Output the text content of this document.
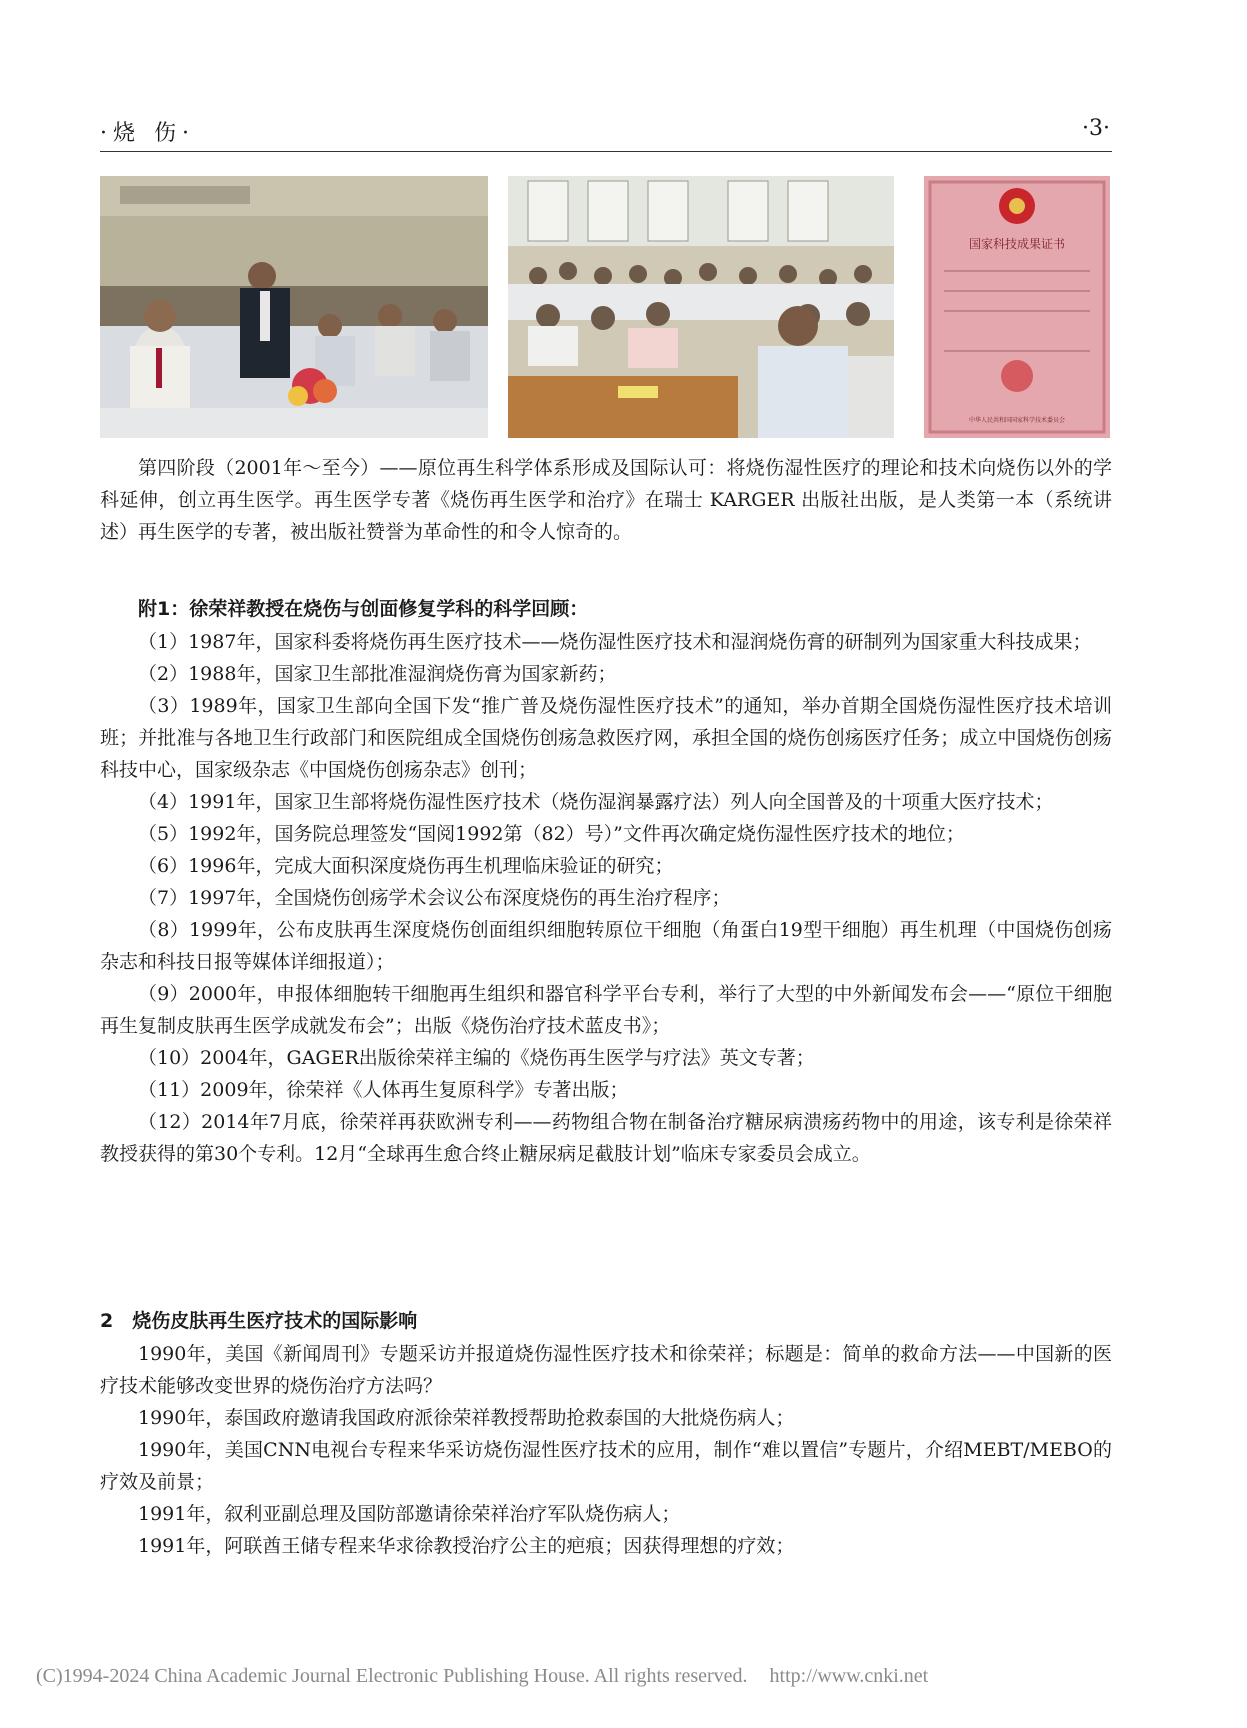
·烧 伤·	·3·
国家科技成果证书
中华人民共和国国家科学技术委员会

第四阶段（2001年～至今）——原位再生科学体系形成及国际认可：将烧伤湿性医疗的理论和技术向烧伤以外的学科延伸，创立再生医学。再生医学专著《烧伤再生医学和治疗》在瑞士 KARGER 出版社出版，是人类第一本（系统讲述）再生医学的专著，被出版社赞誉为革命性的和令人惊奇的。

附1：徐荣祥教授在烧伤与创面修复学科的科学回顾：

（1）1987年，国家科委将烧伤再生医疗技术——烧伤湿性医疗技术和湿润烧伤膏的研制列为国家重大科技成果；

（2）1988年，国家卫生部批准湿润烧伤膏为国家新药；

（3）1989年，国家卫生部向全国下发“推广普及烧伤湿性医疗技术”的通知，举办首期全国烧伤湿性医疗技术培训班；并批准与各地卫生行政部门和医院组成全国烧伤创疡急救医疗网，承担全国的烧伤创疡医疗任务；成立中国烧伤创疡科技中心，国家级杂志《中国烧伤创疡杂志》创刊；

（4）1991年，国家卫生部将烧伤湿性医疗技术（烧伤湿润暴露疗法）列人向全国普及的十项重大医疗技术；

（5）1992年，国务院总理签发“国阅1992第（82）号）”文件再次确定烧伤湿性医疗技术的地位；

（6）1996年，完成大面积深度烧伤再生机理临床验证的研究；

（7）1997年，全国烧伤创疡学术会议公布深度烧伤的再生治疗程序；

（8）1999年，公布皮肤再生深度烧伤创面组织细胞转原位干细胞（角蛋白19型干细胞）再生机理（中国烧伤创疡杂志和科技日报等媒体详细报道）；

（9）2000年，申报体细胞转干细胞再生组织和器官科学平台专利，举行了大型的中外新闻发布会——“原位干细胞再生复制皮肤再生医学成就发布会”；出版《烧伤治疗技术蓝皮书》；

（10）2004年，GAGER出版徐荣祥主编的《烧伤再生医学与疗法》英文专著；

（11）2009年，徐荣祥《人体再生复原科学》专著出版；

（12）2014年7月底，徐荣祥再获欧洲专利——药物组合物在制备治疗糖尿病溃疡药物中的用途，该专利是徐荣祥教授获得的第30个专利。12月“全球再生愈合终止糖尿病足截肢计划”临床专家委员会成立。

2　烧伤皮肤再生医疗技术的国际影响

1990年，美国《新闻周刊》专题采访并报道烧伤湿性医疗技术和徐荣祥；标题是：简单的救命方法——中国新的医疗技术能够改变世界的烧伤治疗方法吗？

1990年，泰国政府邀请我国政府派徐荣祥教授帮助抢救泰国的大批烧伤病人；

1990年，美国CNN电视台专程来华采访烧伤湿性医疗技术的应用，制作“难以置信”专题片，介绍MEBT/MEBO的疗效及前景；

1991年，叙利亚副总理及国防部邀请徐荣祥治疗军队烧伤病人；

1991年，阿联酋王储专程来华求徐教授治疗公主的疤痕；因获得理想的疗效；

(C)1994-2024 China Academic Journal Electronic Publishing House. All rights reserved. http://www.cnki.net
